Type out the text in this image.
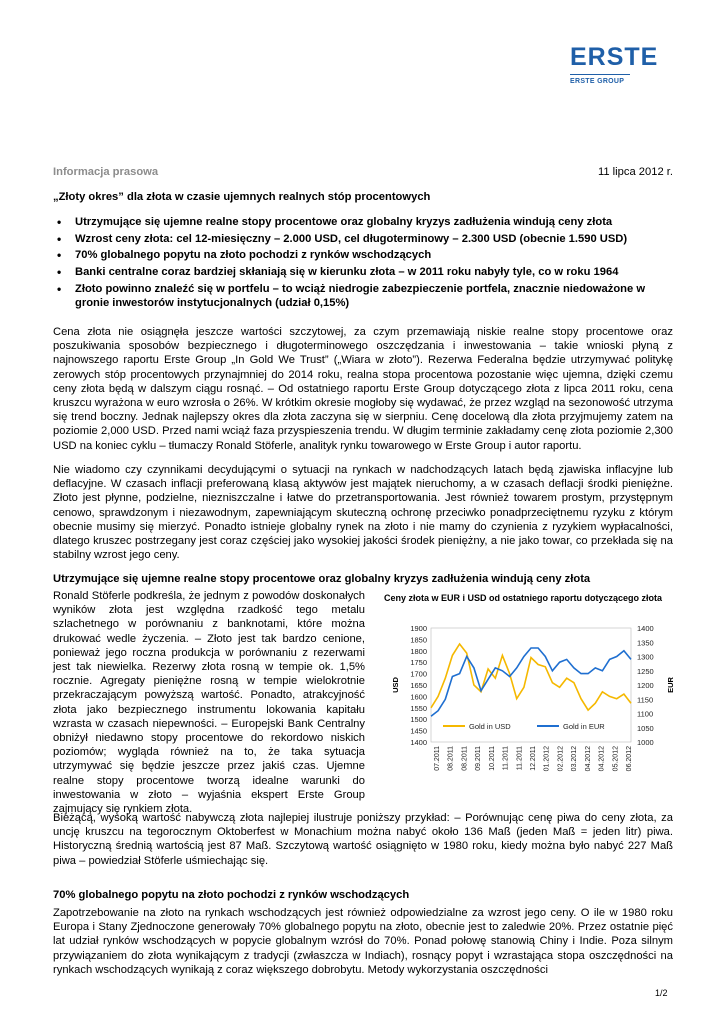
ERSTE
ERSTE GROUP
Informacja prasowa	11 lipca 2012 r.
„Złoty okres” dla złota w czasie ujemnych realnych stóp procentowych
• Utrzymujące się ujemne realne stopy procentowe oraz globalny kryzys zadłużenia windują ceny złota
• Wzrost ceny złota: cel 12-miesięczny – 2.000 USD, cel długoterminowy – 2.300 USD (obecnie 1.590 USD)
• 70% globalnego popytu na złoto pochodzi z rynków wschodzących
• Banki centralne coraz bardziej skłaniają się w kierunku złota – w 2011 roku nabyły tyle, co w roku 1964
• Złoto powinno znaleźć się w portfelu – to wciąż niedrogie zabezpieczenie portfela, znacznie niedoważone w gronie inwestorów instytucjonalnych (udział 0,15%)
Cena złota nie osiągnęła jeszcze wartości szczytowej, za czym przemawiają niskie realne stopy procentowe oraz poszukiwania sposobów bezpiecznego i długoterminowego oszczędzania i inwestowania – takie wnioski płyną z najnowszego raportu Erste Group „In Gold We Trust” („Wiara w złoto”). Rezerwa Federalna będzie utrzymywać politykę zerowych stóp procentowych przynajmniej do 2014 roku, realna stopa procentowa pozostanie więc ujemna, dzięki czemu ceny złota będą w dalszym ciągu rosnąć. – Od ostatniego raportu Erste Group dotyczącego złota z lipca 2011 roku, cena kruszcu wyrażona w euro wzrosła o 26%. W krótkim okresie mogłoby się wydawać, że przez wzgląd na sezonowość utrzyma się trend boczny. Jednak najlepszy okres dla złota zaczyna się w sierpniu. Cenę docelową dla złota przyjmujemy zatem na poziomie 2,000 USD. Przed nami wciąż faza przyspieszenia trendu. W długim terminie zakładamy cenę złota poziomie 2,300 USD na koniec cyklu – tłumaczy Ronald Stöferle, analityk rynku towarowego w Erste Group i autor raportu.
Nie wiadomo czy czynnikami decydującymi o sytuacji na rynkach w nadchodzących latach będą zjawiska inflacyjne lub deflacyjne. W czasach inflacji preferowaną klasą aktywów jest majątek nieruchomy, a w czasach deflacji środki pieniężne. Złoto jest płynne, podzielne, niezniszczalne i łatwe do przetransportowania. Jest również towarem prostym, przystępnym cenowo, sprawdzonym i niezawodnym, zapewniającym skuteczną ochronę przeciwko ponadprzeciętnemu ryzyku z którym obecnie musimy się mierzyć. Ponadto istnieje globalny rynek na złoto i nie mamy do czynienia z ryzykiem wypłacalności, dlatego kruszec postrzegany jest coraz częściej jako wysokiej jakości środek pieniężny, a nie jako towar, co przekłada się na stabilny wzrost jego ceny.
Utrzymujące się ujemne realne stopy procentowe oraz globalny kryzys zadłużenia windują ceny złota
Ronald Stöferle podkreśla, że jednym z powodów doskonałych wyników złota jest względna rzadkość tego metalu szlachetnego w porównaniu z banknotami, które można drukować wedle życzenia. – Złoto jest tak bardzo cenione, ponieważ jego roczna produkcja w porównaniu z rezerwami jest tak niewielka. Rezerwy złota rosną w tempie ok. 1,5% rocznie. Agregaty pieniężne rosną w tempie wielokrotnie przekraczającym powyższą wartość. Ponadto, atrakcyjność złota jako bezpiecznego instrumentu lokowania kapitału wzrasta w czasach niepewności. – Europejski Bank Centralny obniżył niedawno stopy procentowe do rekordowo niskich poziomów; wygląda również na to, że taka sytuacja utrzymywać się będzie jeszcze przez jakiś czas. Ujemne realne stopy procentowe tworzą idealne warunki do inwestowania w złoto – wyjaśnia ekspert Erste Group zajmujący się rynkiem złota.
Ceny złota w EUR i USD od ostatniego raportu dotyczącego złota
1900
1850
1800
1750
1700
1650
1600
1550
1500
1450
1400
1400
1350
1300
1250
1200
1150
1100
1050
1000
USD	EUR
07.2011 08.2011 08.2011 09.2011 10.2011 11.2011 11.2011 12.2011 01.2012 02.2012 03.2012 04.2012 04.2012 05.2012 06.2012
Gold in USD	Gold in EUR
Bieżącą, wysoką wartość nabywczą złota najlepiej ilustruje poniższy przykład: – Porównując cenę piwa do ceny złota, za uncję kruszcu na tegorocznym Oktoberfest w Monachium można nabyć około 136 Maß (jeden Maß = jeden litr) piwa. Historyczną średnią wartością jest 87 Maß. Szczytową wartość osiągnięto w 1980 roku, kiedy można było nabyć 227 Maß piwa – powiedział Stöferle uśmiechając się.
70% globalnego popytu na złoto pochodzi z rynków wschodzących
Zapotrzebowanie na złoto na rynkach wschodzących jest również odpowiedzialne za wzrost jego ceny. O ile w 1980 roku Europa i Stany Zjednoczone generowały 70% globalnego popytu na złoto, obecnie jest to zaledwie 20%. Przez ostatnie pięć lat udział rynków wschodzących w popycie globalnym wzrósł do 70%. Ponad połowę stanowią Chiny i Indie. Poza silnym przywiązaniem do złota wynikającym z tradycji (zwłaszcza w Indiach), rosnący popyt i wzrastająca stopa oszczędności na rynkach wschodzących wynikają z coraz większego dobrobytu. Metody wykorzystania oszczędności
1/2
